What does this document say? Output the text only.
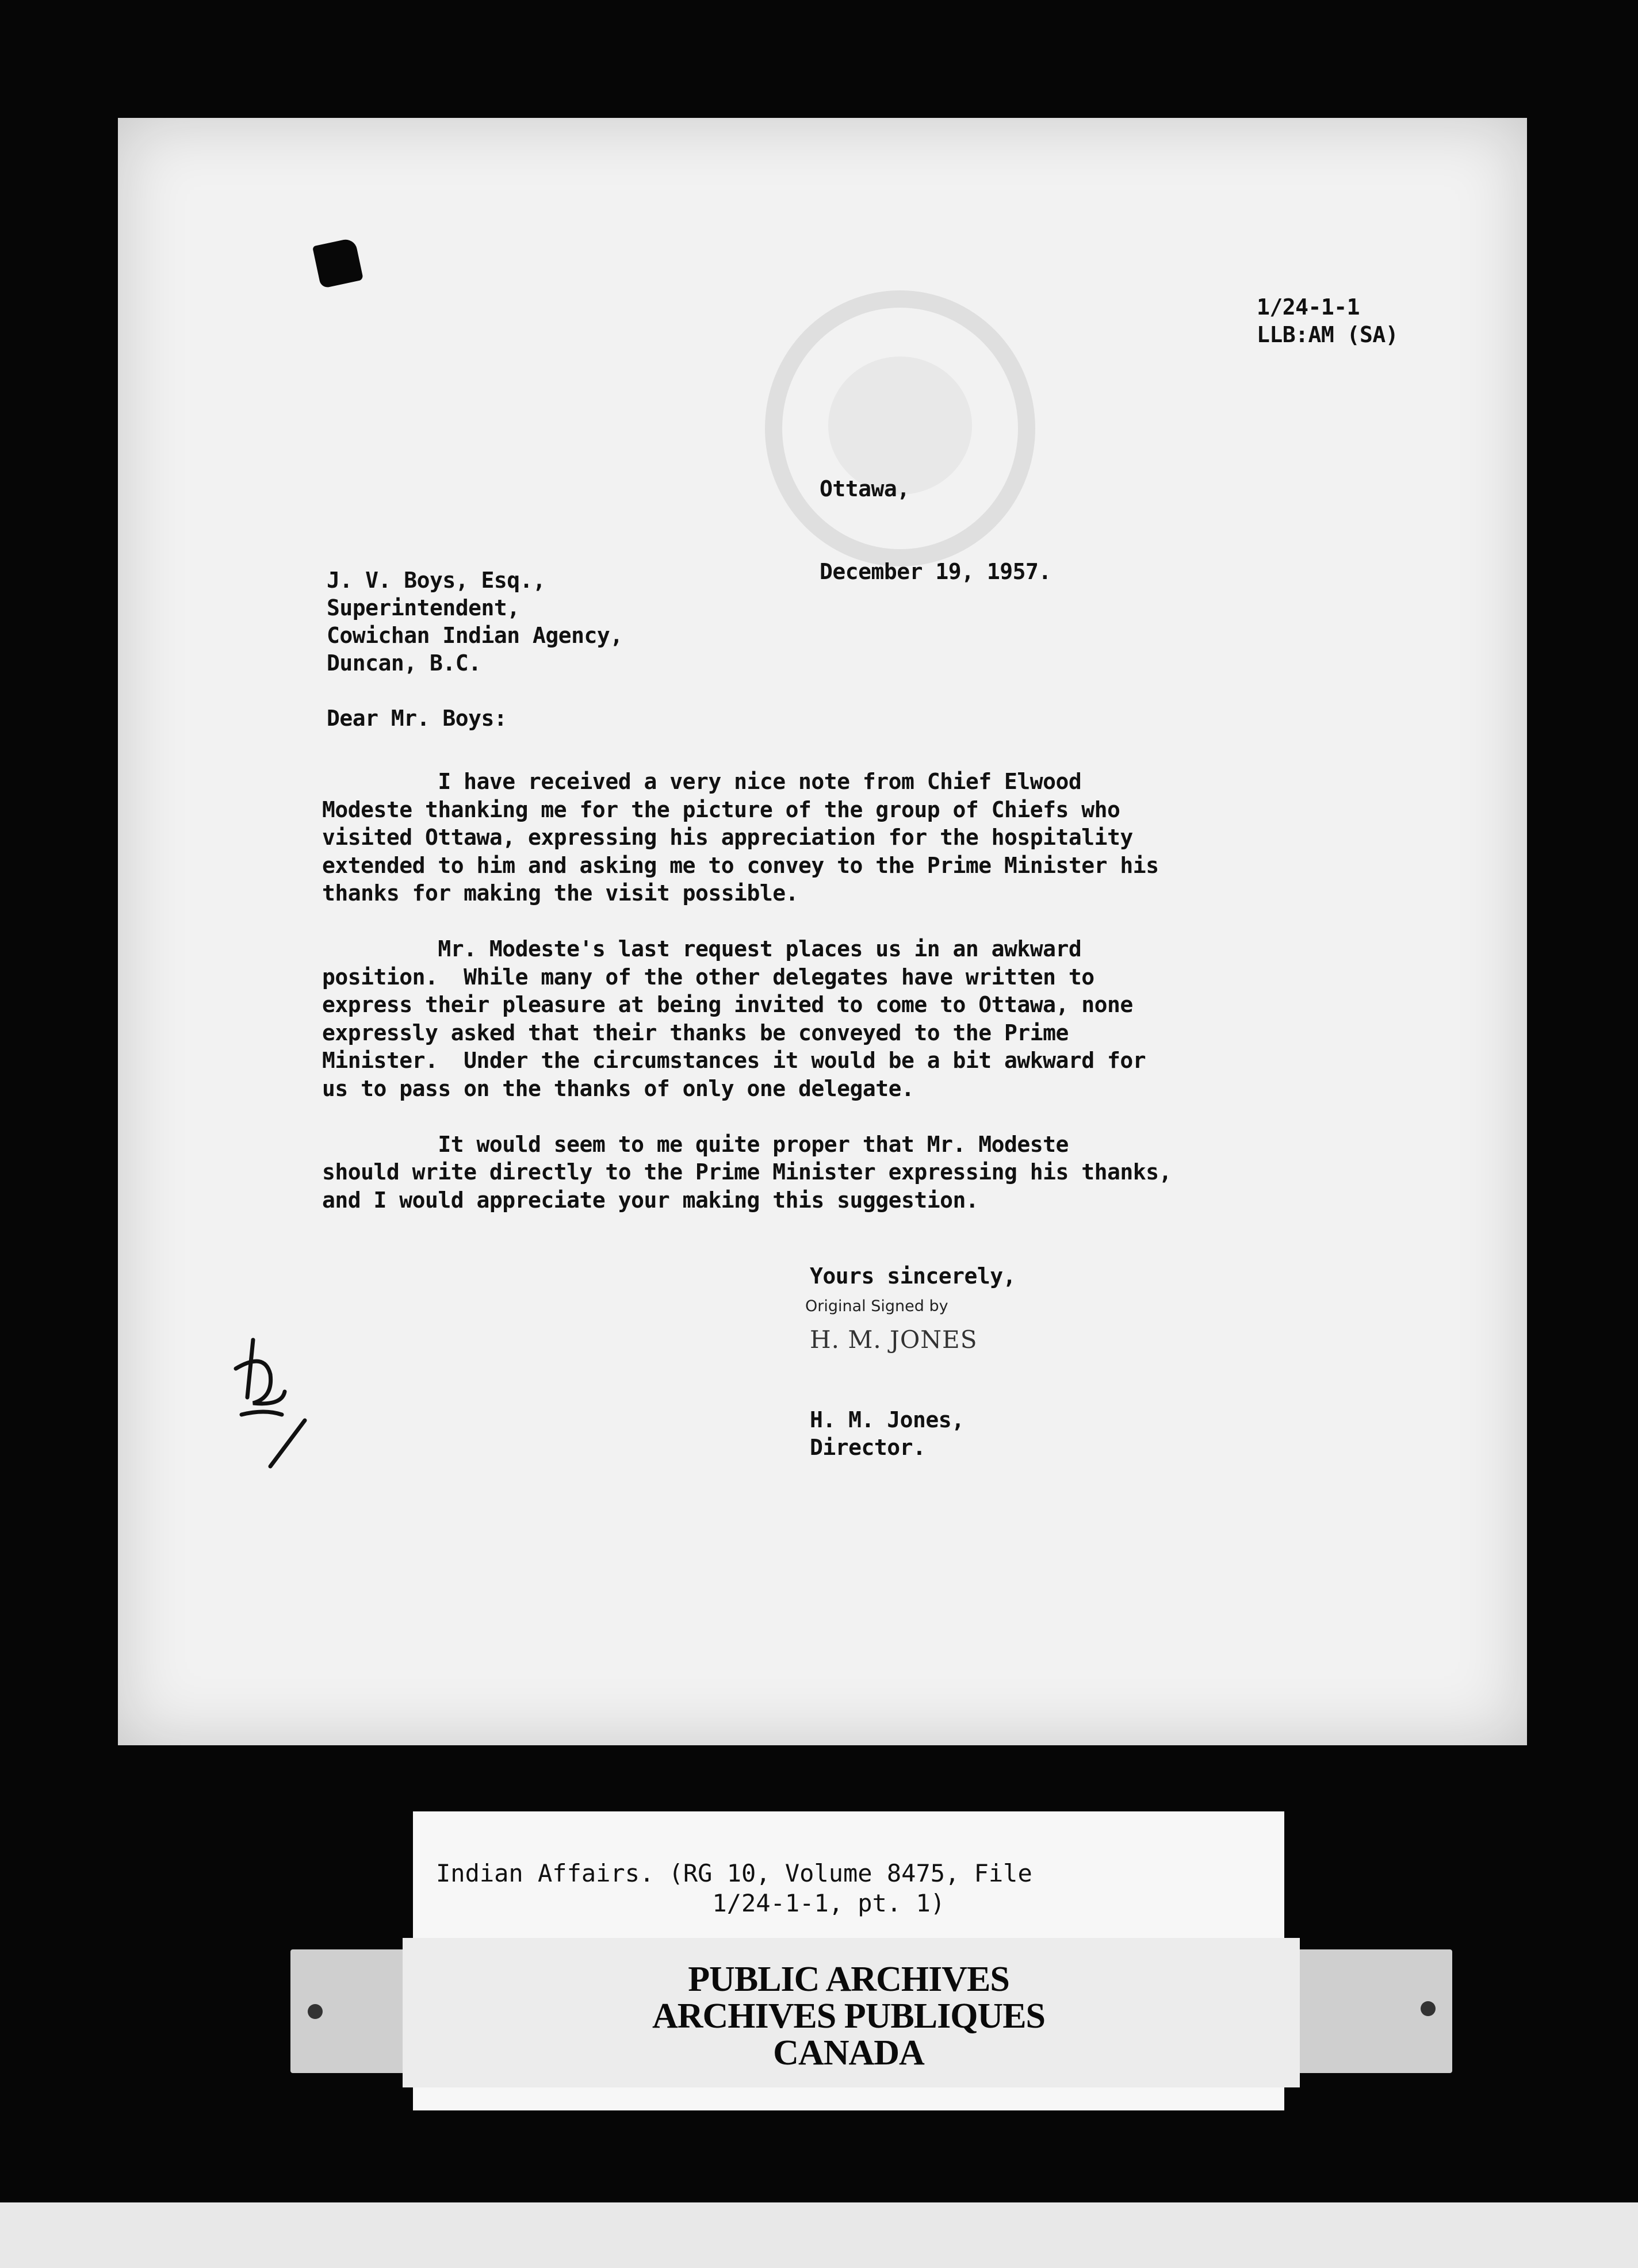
1/24-1-1
LLB:AM (SA)

Ottawa,

December 19, 1957.

J. V. Boys, Esq.,
Superintendent,
Cowichan Indian Agency,
Duncan, B.C.
Dear Mr. Boys:
I have received a very nice note from Chief Elwood
Modeste thanking me for the picture of the group of Chiefs who
visited Ottawa, expressing his appreciation for the hospitality
extended to him and asking me to convey to the Prime Minister his
thanks for making the visit possible.

Mr. Modeste's last request places us in an awkward
position.  While many of the other delegates have written to
express their pleasure at being invited to come to Ottawa, none
expressly asked that their thanks be conveyed to the Prime
Minister.  Under the circumstances it would be a bit awkward for
us to pass on the thanks of only one delegate.

It would seem to me quite proper that Mr. Modeste
should write directly to the Prime Minister expressing his thanks,
and I would appreciate your making this suggestion.
Yours sincerely,
Original Signed by
H. M. JONES
H. M. Jones,
Director.
Indian Affairs. (RG 10, Volume 8475, File
1/24-1-1, pt. 1)
PUBLIC ARCHIVES
ARCHIVES PUBLIQUES
CANADA
